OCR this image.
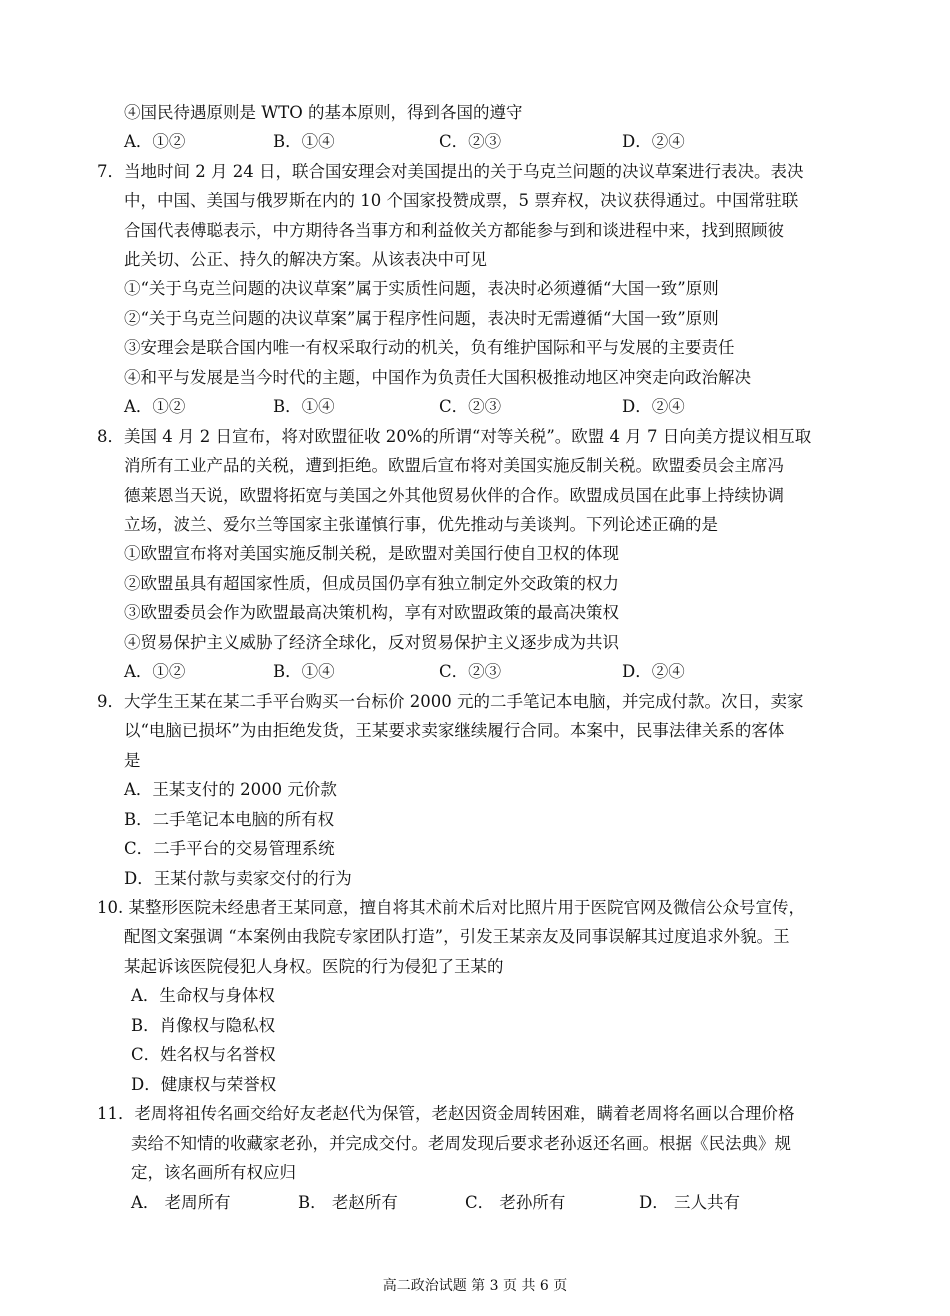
④国民待遇原则是 WTO 的基本原则，得到各国的遵守
A．①②	B．①④	C．②③	D．②④
7．当地时间 2 月 24 日，联合国安理会对美国提出的关于乌克兰问题的决议草案进行表决。表决
中，中国、美国与俄罗斯在内的 10 个国家投赞成票，5 票弃权，决议获得通过。中国常驻联
合国代表傅聪表示，中方期待各当事方和利益攸关方都能参与到和谈进程中来，找到照顾彼
此关切、公正、持久的解决方案。从该表决中可见
①“关于乌克兰问题的决议草案”属于实质性问题，表决时必须遵循“大国一致”原则
②“关于乌克兰问题的决议草案”属于程序性问题，表决时无需遵循“大国一致”原则
③安理会是联合国内唯一有权采取行动的机关，负有维护国际和平与发展的主要责任
④和平与发展是当今时代的主题，中国作为负责任大国积极推动地区冲突走向政治解决
A．①②	B．①④	C．②③	D．②④
8．美国 4 月 2 日宣布，将对欧盟征收 20%的所谓“对等关税”。欧盟 4 月 7 日向美方提议相互取
消所有工业产品的关税，遭到拒绝。欧盟后宣布将对美国实施反制关税。欧盟委员会主席冯
德莱恩当天说，欧盟将拓宽与美国之外其他贸易伙伴的合作。欧盟成员国在此事上持续协调
立场，波兰、爱尔兰等国家主张谨慎行事，优先推动与美谈判。下列论述正确的是
①欧盟宣布将对美国实施反制关税，是欧盟对美国行使自卫权的体现
②欧盟虽具有超国家性质，但成员国仍享有独立制定外交政策的权力
③欧盟委员会作为欧盟最高决策机构，享有对欧盟政策的最高决策权
④贸易保护主义威胁了经济全球化，反对贸易保护主义逐步成为共识
A．①②	B．①④	C．②③	D．②④
9．大学生王某在某二手平台购买一台标价 2000 元的二手笔记本电脑，并完成付款。次日，卖家
以“电脑已损坏”为由拒绝发货，王某要求卖家继续履行合同。本案中，民事法律关系的客体
是
A．王某支付的 2000 元价款
B．二手笔记本电脑的所有权
C．二手平台的交易管理系统
D．王某付款与卖家交付的行为
10. 某整形医院未经患者王某同意，擅自将其术前术后对比照片用于医院官网及微信公众号宣传，
配图文案强调 “本案例由我院专家团队打造”，引发王某亲友及同事误解其过度追求外貌。王
某起诉该医院侵犯人身权。医院的行为侵犯了王某的
A．生命权与身体权
B．肖像权与隐私权
C．姓名权与名誉权
D．健康权与荣誉权
11．老周将祖传名画交给好友老赵代为保管，老赵因资金周转困难，瞒着老周将名画以合理价格
卖给不知情的收藏家老孙，并完成交付。老周发现后要求老孙返还名画。根据《民法典》规
定，该名画所有权应归
A． 老周所有	B． 老赵所有	C． 老孙所有	D． 三人共有
高二政治试题 第 3 页 共 6 页
